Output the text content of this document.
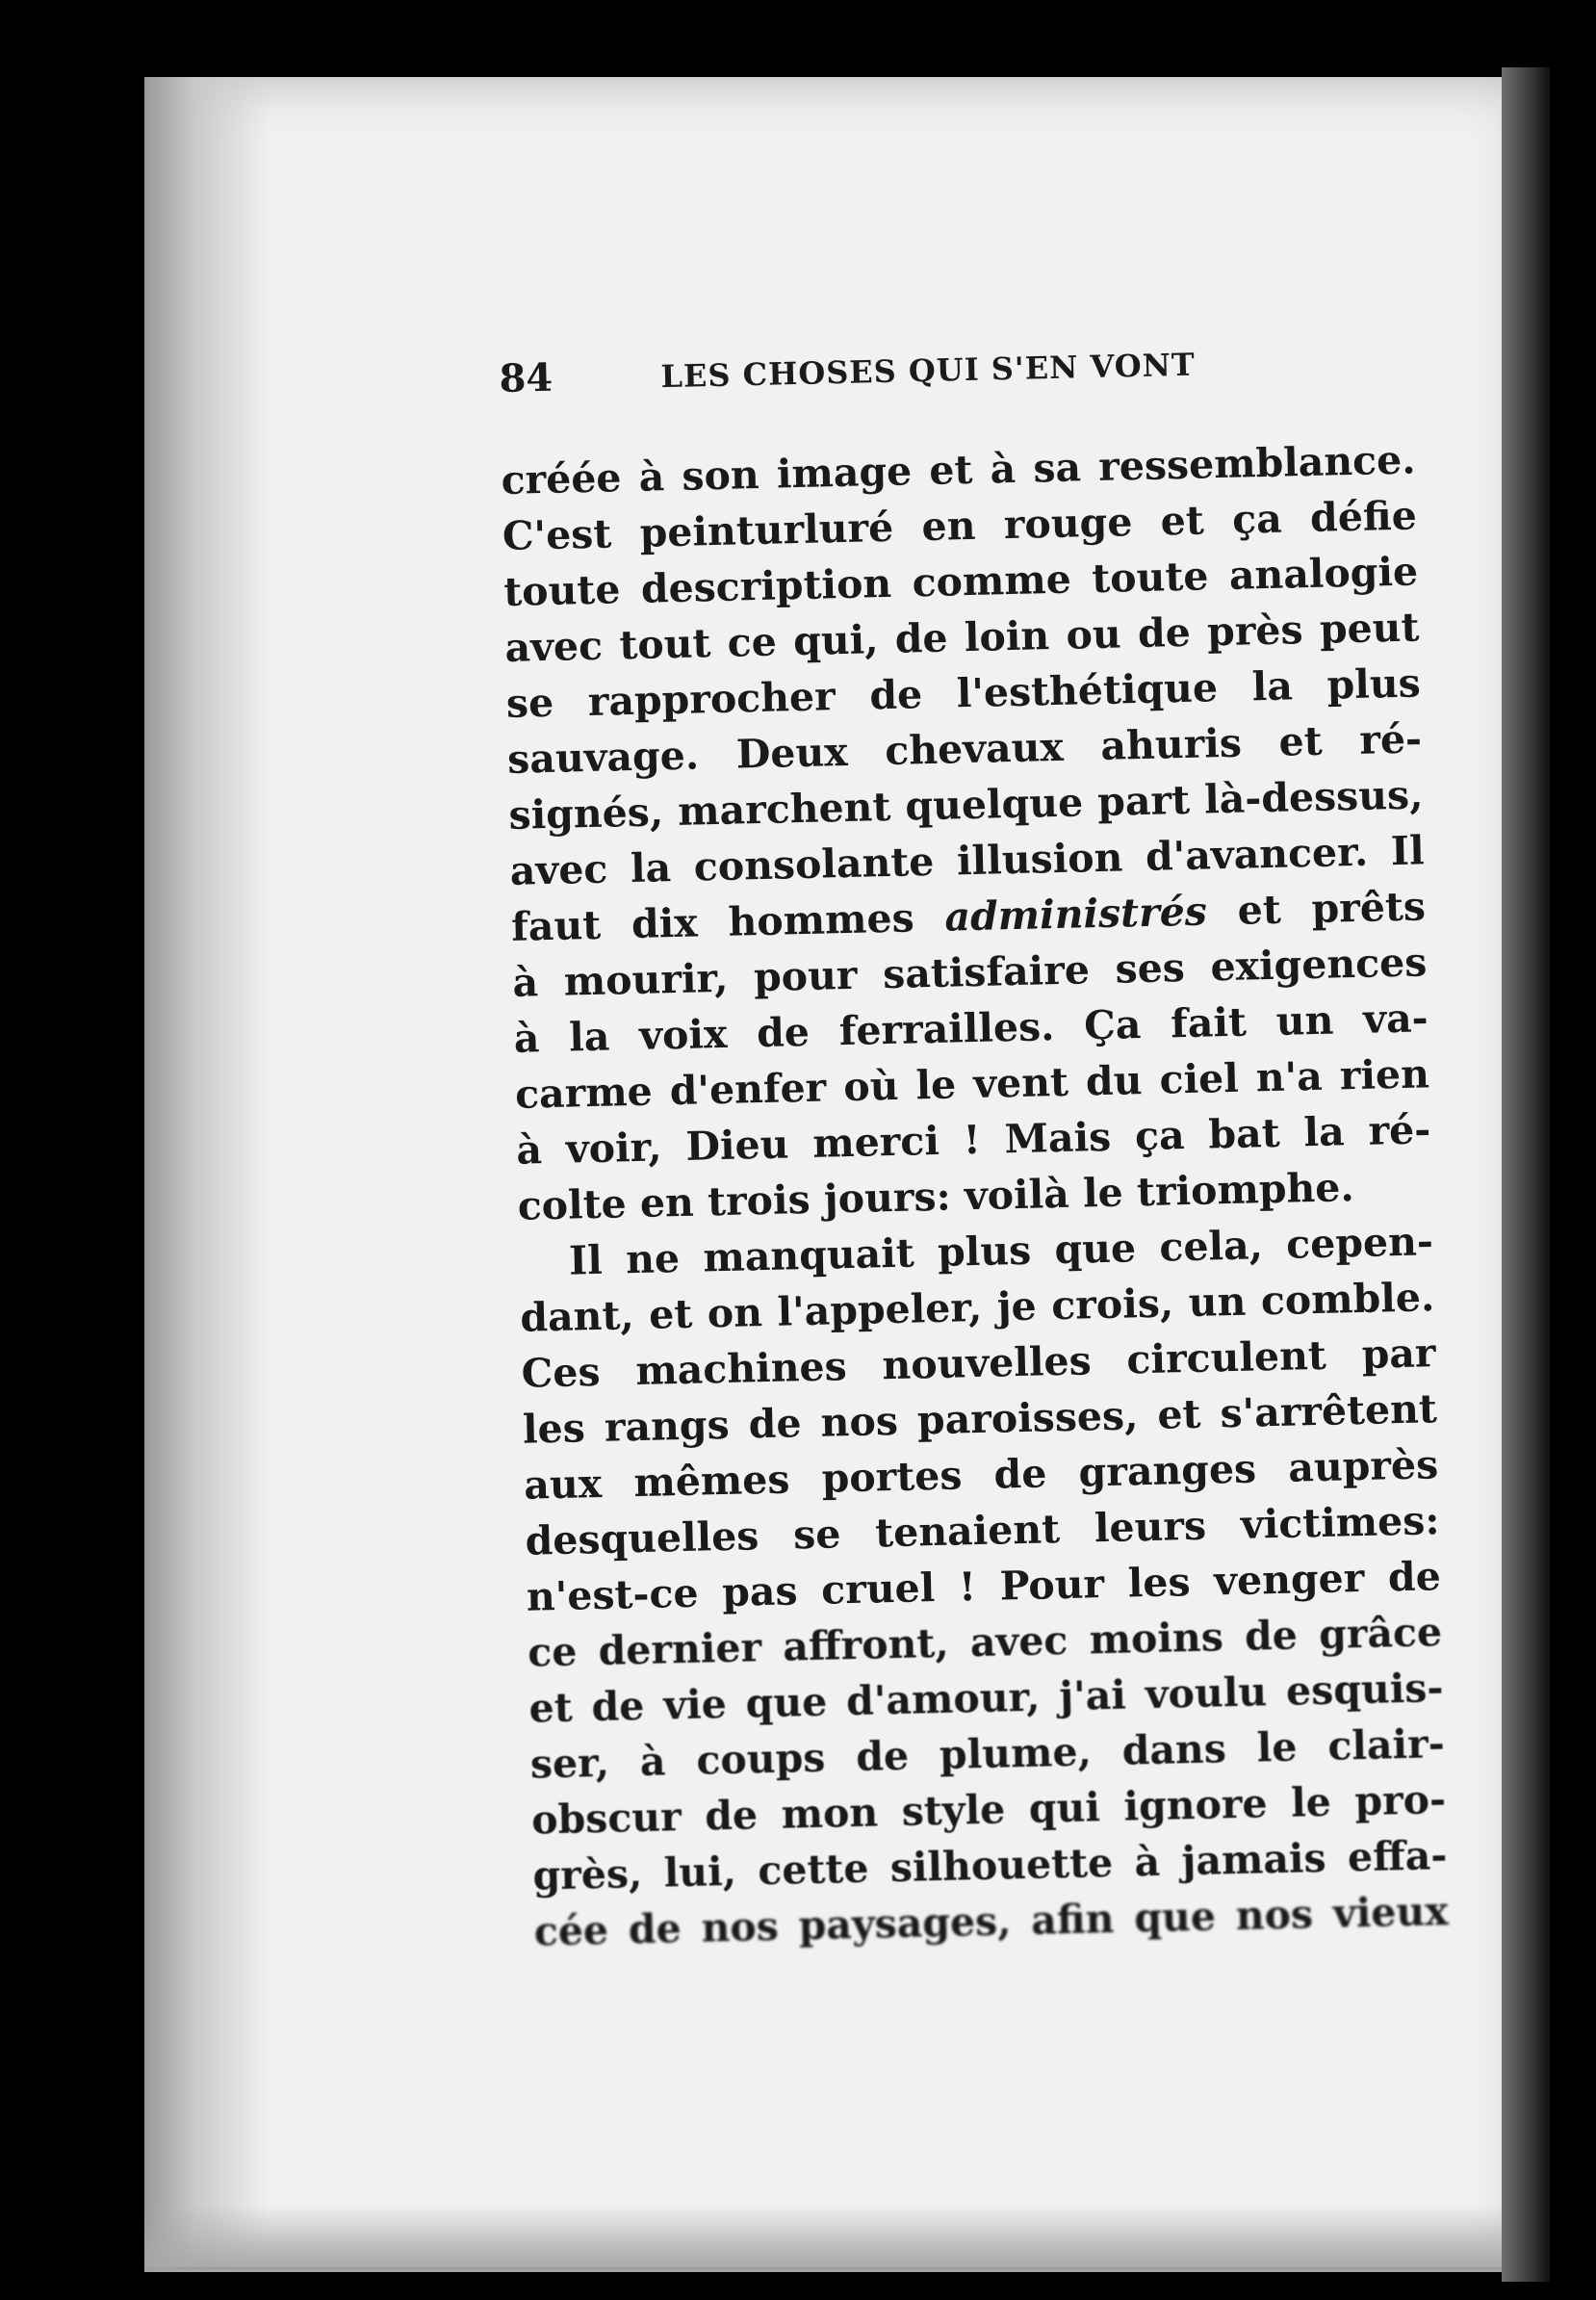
84	LES CHOSES QUI S'EN VONT
créée à son image et à sa ressemblance.
C'est peinturluré en rouge et ça défie
toute description comme toute analogie
avec tout ce qui, de loin ou de près peut
se rapprocher de l'esthétique la plus
sauvage. Deux chevaux ahuris et ré-
signés, marchent quelque part là-dessus,
avec la consolante illusion d'avancer. Il
faut dix hommes administrés et prêts
à mourir, pour satisfaire ses exigences
à la voix de ferrailles. Ça fait un va-
carme d'enfer où le vent du ciel n'a rien
à voir, Dieu merci ! Mais ça bat la ré-
colte en trois jours: voilà le triomphe.
Il ne manquait plus que cela, cepen-
dant, et on l'appeler, je crois, un comble.
Ces machines nouvelles circulent par
les rangs de nos paroisses, et s'arrêtent
aux mêmes portes de granges auprès
desquelles se tenaient leurs victimes:
n'est-ce pas cruel ! Pour les venger de
ce dernier affront, avec moins de grâce
et de vie que d'amour, j'ai voulu esquis-
ser, à coups de plume, dans le clair-
obscur de mon style qui ignore le pro-
grès, lui, cette silhouette à jamais effa-
cée de nos paysages, afin que nos vieux
